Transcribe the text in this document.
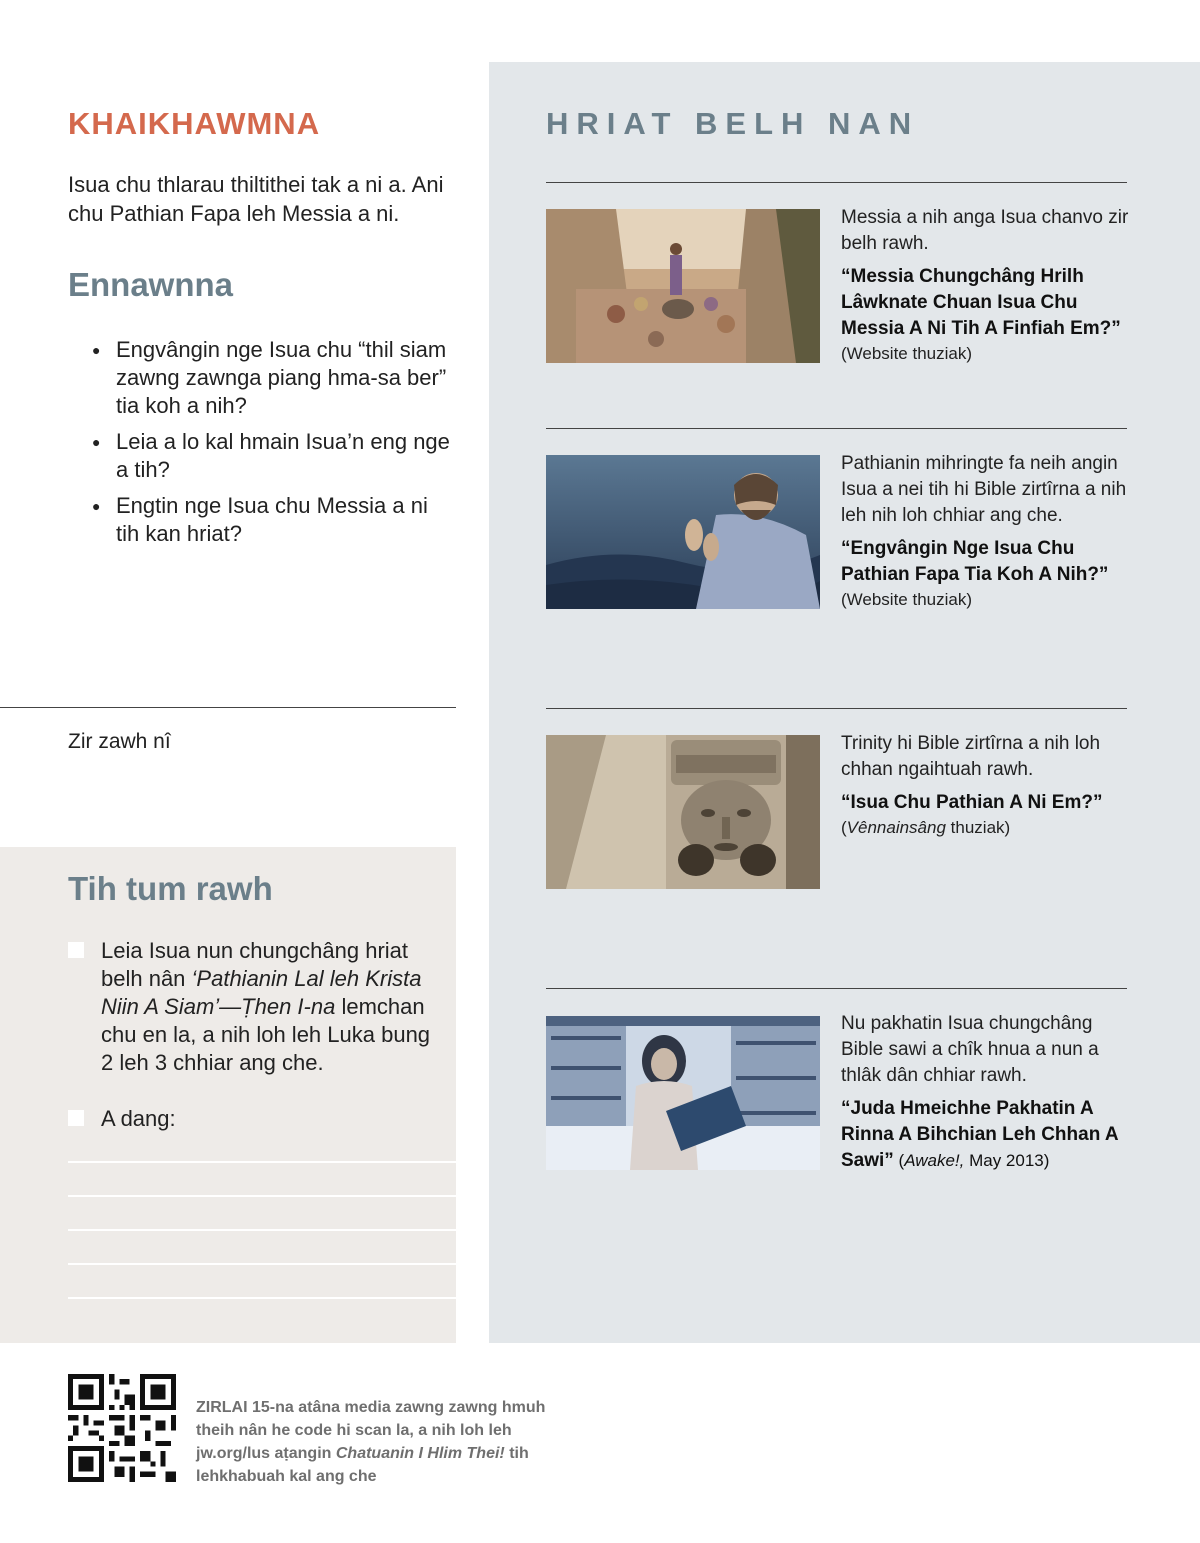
KHAIKHAWMNA

Isua chu thlarau thiltithei tak a ni a. Ani chu Pathian Fapa leh Messia a ni.

Ennawnna
● Engvângin nge Isua chu “thil siam zawng zawnga piang hma-sa ber” tia koh a nih?
● Leia a lo kal hmain Isua’n eng nge a tih?
● Engtin nge Isua chu Messia a ni tih kan hriat?
Zir zawh nî
Tih tum rawh
Leia Isua nun chungchâng hriat belh nân ‘Pathianin Lal leh Krista Niin A Siam’—Ṭhen I-na lemchan chu en la, a nih loh leh Luka bung 2 leh 3 chhiar ang che.
A dang:
HRIAT BELH NAN
Messia a nih anga Isua chanvo zir belh rawh.
“Messia Chungchâng Hrilh Lâwknate Chuan Isua Chu Messia A Ni Tih A Finfiah Em?”
(Website thuziak)
Pathianin mihringte fa neih angin Isua a nei tih hi Bible zirtîrna a nih leh nih loh chhiar ang che.
“Engvângin Nge Isua Chu Pathian Fapa Tia Koh A Nih?”
(Website thuziak)
Trinity hi Bible zirtîrna a nih loh chhan ngaihtuah rawh.
“Isua Chu Pathian A Ni Em?”
(Vênnainsâng thuziak)
Nu pakhatin Isua chungchâng Bible sawi a chîk hnua a nun a thlâk dân chhiar rawh.
“Juda Hmeichhe Pakhatin A Rinna A Bihchian Leh Chhan A Sawi” (Awake!, May 2013)
ZIRLAI 15-na atâna media zawng zawng hmuh theih nân he code hi scan la, a nih loh leh jw.org/lus aṭangin Chatuanin I Hlim Thei! tih lehkhabuah kal ang che
